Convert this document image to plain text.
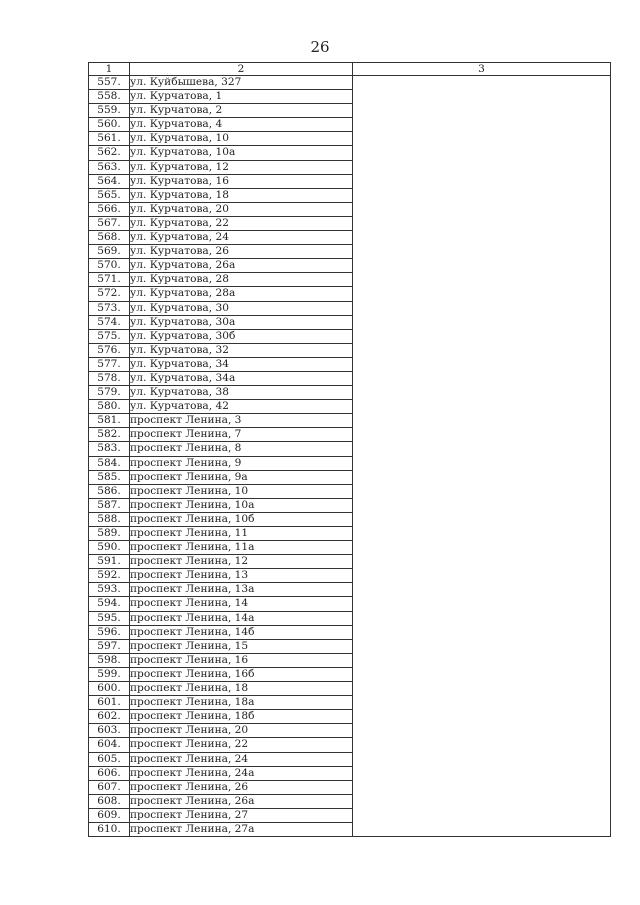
26
1	2	3
557.	ул. Куйбышева, 327	
558.	ул. Курчатова, 1	
559.	ул. Курчатова, 2	
560.	ул. Курчатова, 4	
561.	ул. Курчатова, 10	
562.	ул. Курчатова, 10а	
563.	ул. Курчатова, 12	
564.	ул. Курчатова, 16	
565.	ул. Курчатова, 18	
566.	ул. Курчатова, 20	
567.	ул. Курчатова, 22	
568.	ул. Курчатова, 24	
569.	ул. Курчатова, 26	
570.	ул. Курчатова, 26а	
571.	ул. Курчатова, 28	
572.	ул. Курчатова, 28а	
573.	ул. Курчатова, 30	
574.	ул. Курчатова, 30а	
575.	ул. Курчатова, 30б	
576.	ул. Курчатова, 32	
577.	ул. Курчатова, 34	
578.	ул. Курчатова, 34а	
579.	ул. Курчатова, 38	
580.	ул. Курчатова, 42	
581.	проспект Ленина, 3	
582.	проспект Ленина, 7	
583.	проспект Ленина, 8	
584.	проспект Ленина, 9	
585.	проспект Ленина, 9а	
586.	проспект Ленина, 10	
587.	проспект Ленина, 10а	
588.	проспект Ленина, 10б	
589.	проспект Ленина, 11	
590.	проспект Ленина, 11а	
591.	проспект Ленина, 12	
592.	проспект Ленина, 13	
593.	проспект Ленина, 13а	
594.	проспект Ленина, 14	
595.	проспект Ленина, 14а	
596.	проспект Ленина, 14б	
597.	проспект Ленина, 15	
598.	проспект Ленина, 16	
599.	проспект Ленина, 16б	
600.	проспект Ленина, 18	
601.	проспект Ленина, 18а	
602.	проспект Ленина, 18б	
603.	проспект Ленина, 20	
604.	проспект Ленина, 22	
605.	проспект Ленина, 24	
606.	проспект Ленина, 24а	
607.	проспект Ленина, 26	
608.	проспект Ленина, 26а	
609.	проспект Ленина, 27	
610.	проспект Ленина, 27а	
